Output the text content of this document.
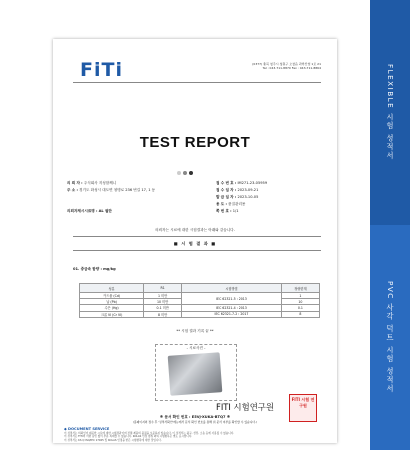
FiTi	(0377) 충북 청주시 청원구 오창읍 과학산업 1로 21
Tel : 043-711-8870 Fax : 043-711-8864
TEST REPORT
의 뢰 자 : 주식회사 지성함께니
주 소 : 경기도 화성시 대도면 청명로 236 번길 17, 1 동
접 수 번 호 : IM271-23-05959
접 수 일 자 : 2023-09-21
발 급 일 자 : 2023-10-05
용 도 : 품질관리용
쪽 번 호 : 1/1
의뢰자제시시료명 : AL 필탄
의뢰자는 시료에 대한 시험결과는 아래와 같습니다.
■ 시 험 결 과 ■
01. 중금속 함량 : mg/kg
성분	R1	시험방법	정량한계
카드뮴 (Cd)	1 미만	IEC 62321-5 : 2013	1
납 (Pb)	10 미만		10
수은 (Hg)	0.1 미만	IEC 62321-4 : 2013	0.1
크롬 VI (Cr VI)	8 미만	IEC 62321-7-2 : 2017	8
** 시험 결과 기록 끝 **
- 시료사진 -
FITI 시험연구원
FITI 시험 연구원
※ 문서 확인 번호 : E5VJ-XUKA-BTQ7 ※
(홈페이지의 접수 후 '성적서확인'메뉴에서 문서 확인 번호를 통해 위 문서 여부를 확인할 수 있습니다.)
◆ DOCUMENT SERVICE
이 성적서는 의뢰인이 제공한 시료에 대한 시험결과이며 전체 제품의 품질을 보증하지 않습니다. 이 성적서는 광고, 선전, 소송 등에 사용될 수 없습니다.
이 성적서는 FITI의 서면 승인 없이 부분 복제할 수 없습니다. KOLAS 인정 범위 외의 시험항목은 별도 표시합니다.
이 성적서는 KS Q ISO/IEC 17025 및 KOLAS 인정을 받은 시험항목에 대한 것입니다.
FLEXIBLE 시험 성적서
PVC 사각 덕트 시험 성적서
